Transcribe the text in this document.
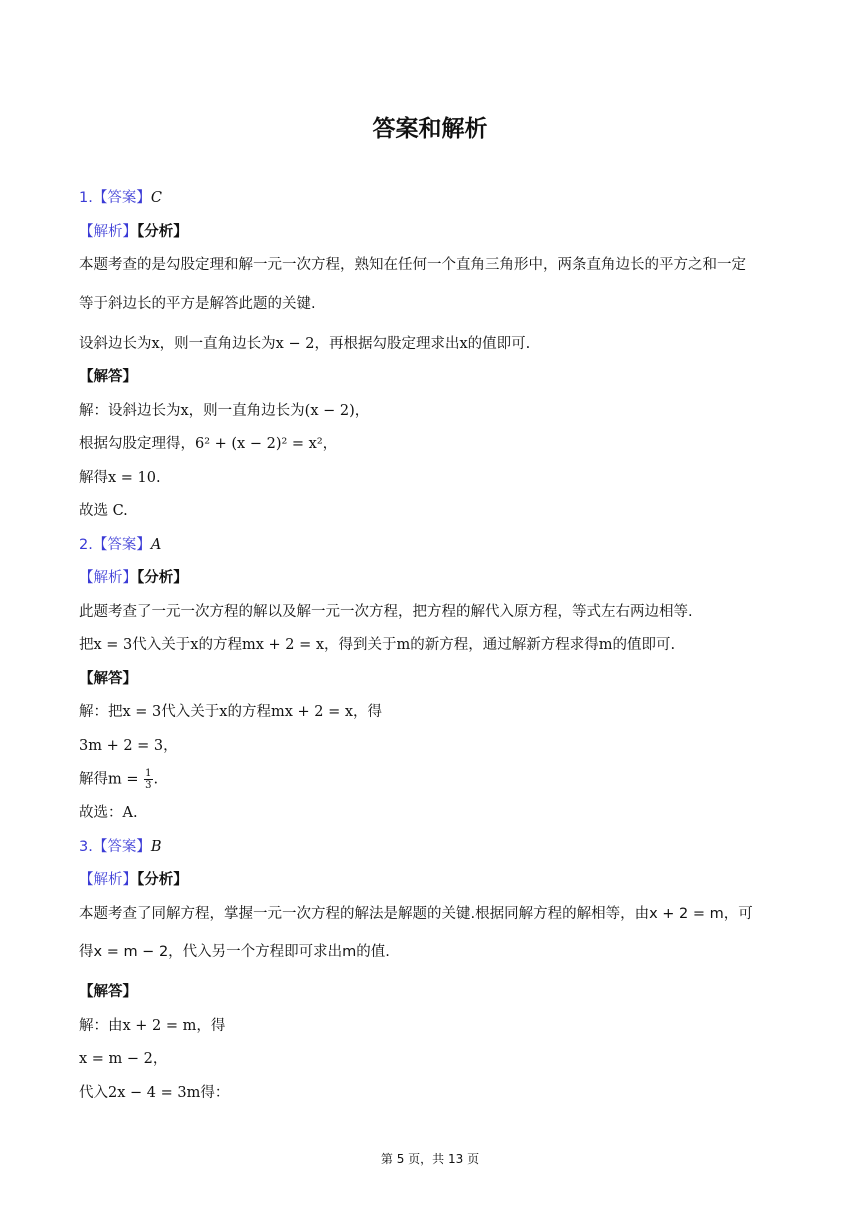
答案和解析
1.【答案】C
【解析】【分析】
本题考查的是勾股定理和解一元一次方程，熟知在任何一个直角三角形中，两条直角边长的平方之和一定
等于斜边长的平方是解答此题的关键.
设斜边长为x，则一直角边长为x − 2，再根据勾股定理求出x的值即可.
【解答】
解：设斜边长为x，则一直角边长为(x − 2)，
根据勾股定理得，6² + (x − 2)² = x²，
解得x = 10.
故选 C.
2.【答案】A
【解析】【分析】
此题考查了一元一次方程的解以及解一元一次方程，把方程的解代入原方程，等式左右两边相等.
把x = 3代入关于x的方程mx + 2 = x，得到关于m的新方程，通过解新方程求得m的值即可.
【解答】
解：把x = 3代入关于x的方程mx + 2 = x，得
3m + 2 = 3，
解得$m = \frac{1}{3}$ .
故选：A.
3.【答案】B
【解析】【分析】
本题考查了同解方程，掌握一元一次方程的解法是解题的关键.根据同解方程的解相等，由x + 2 = m，可
得x = m − 2，代入另一个方程即可求出m的值.
【解答】
解：由x + 2 = m，得
x = m − 2，
代入2x − 4 = 3m得：
第 5 页，共 13 页
